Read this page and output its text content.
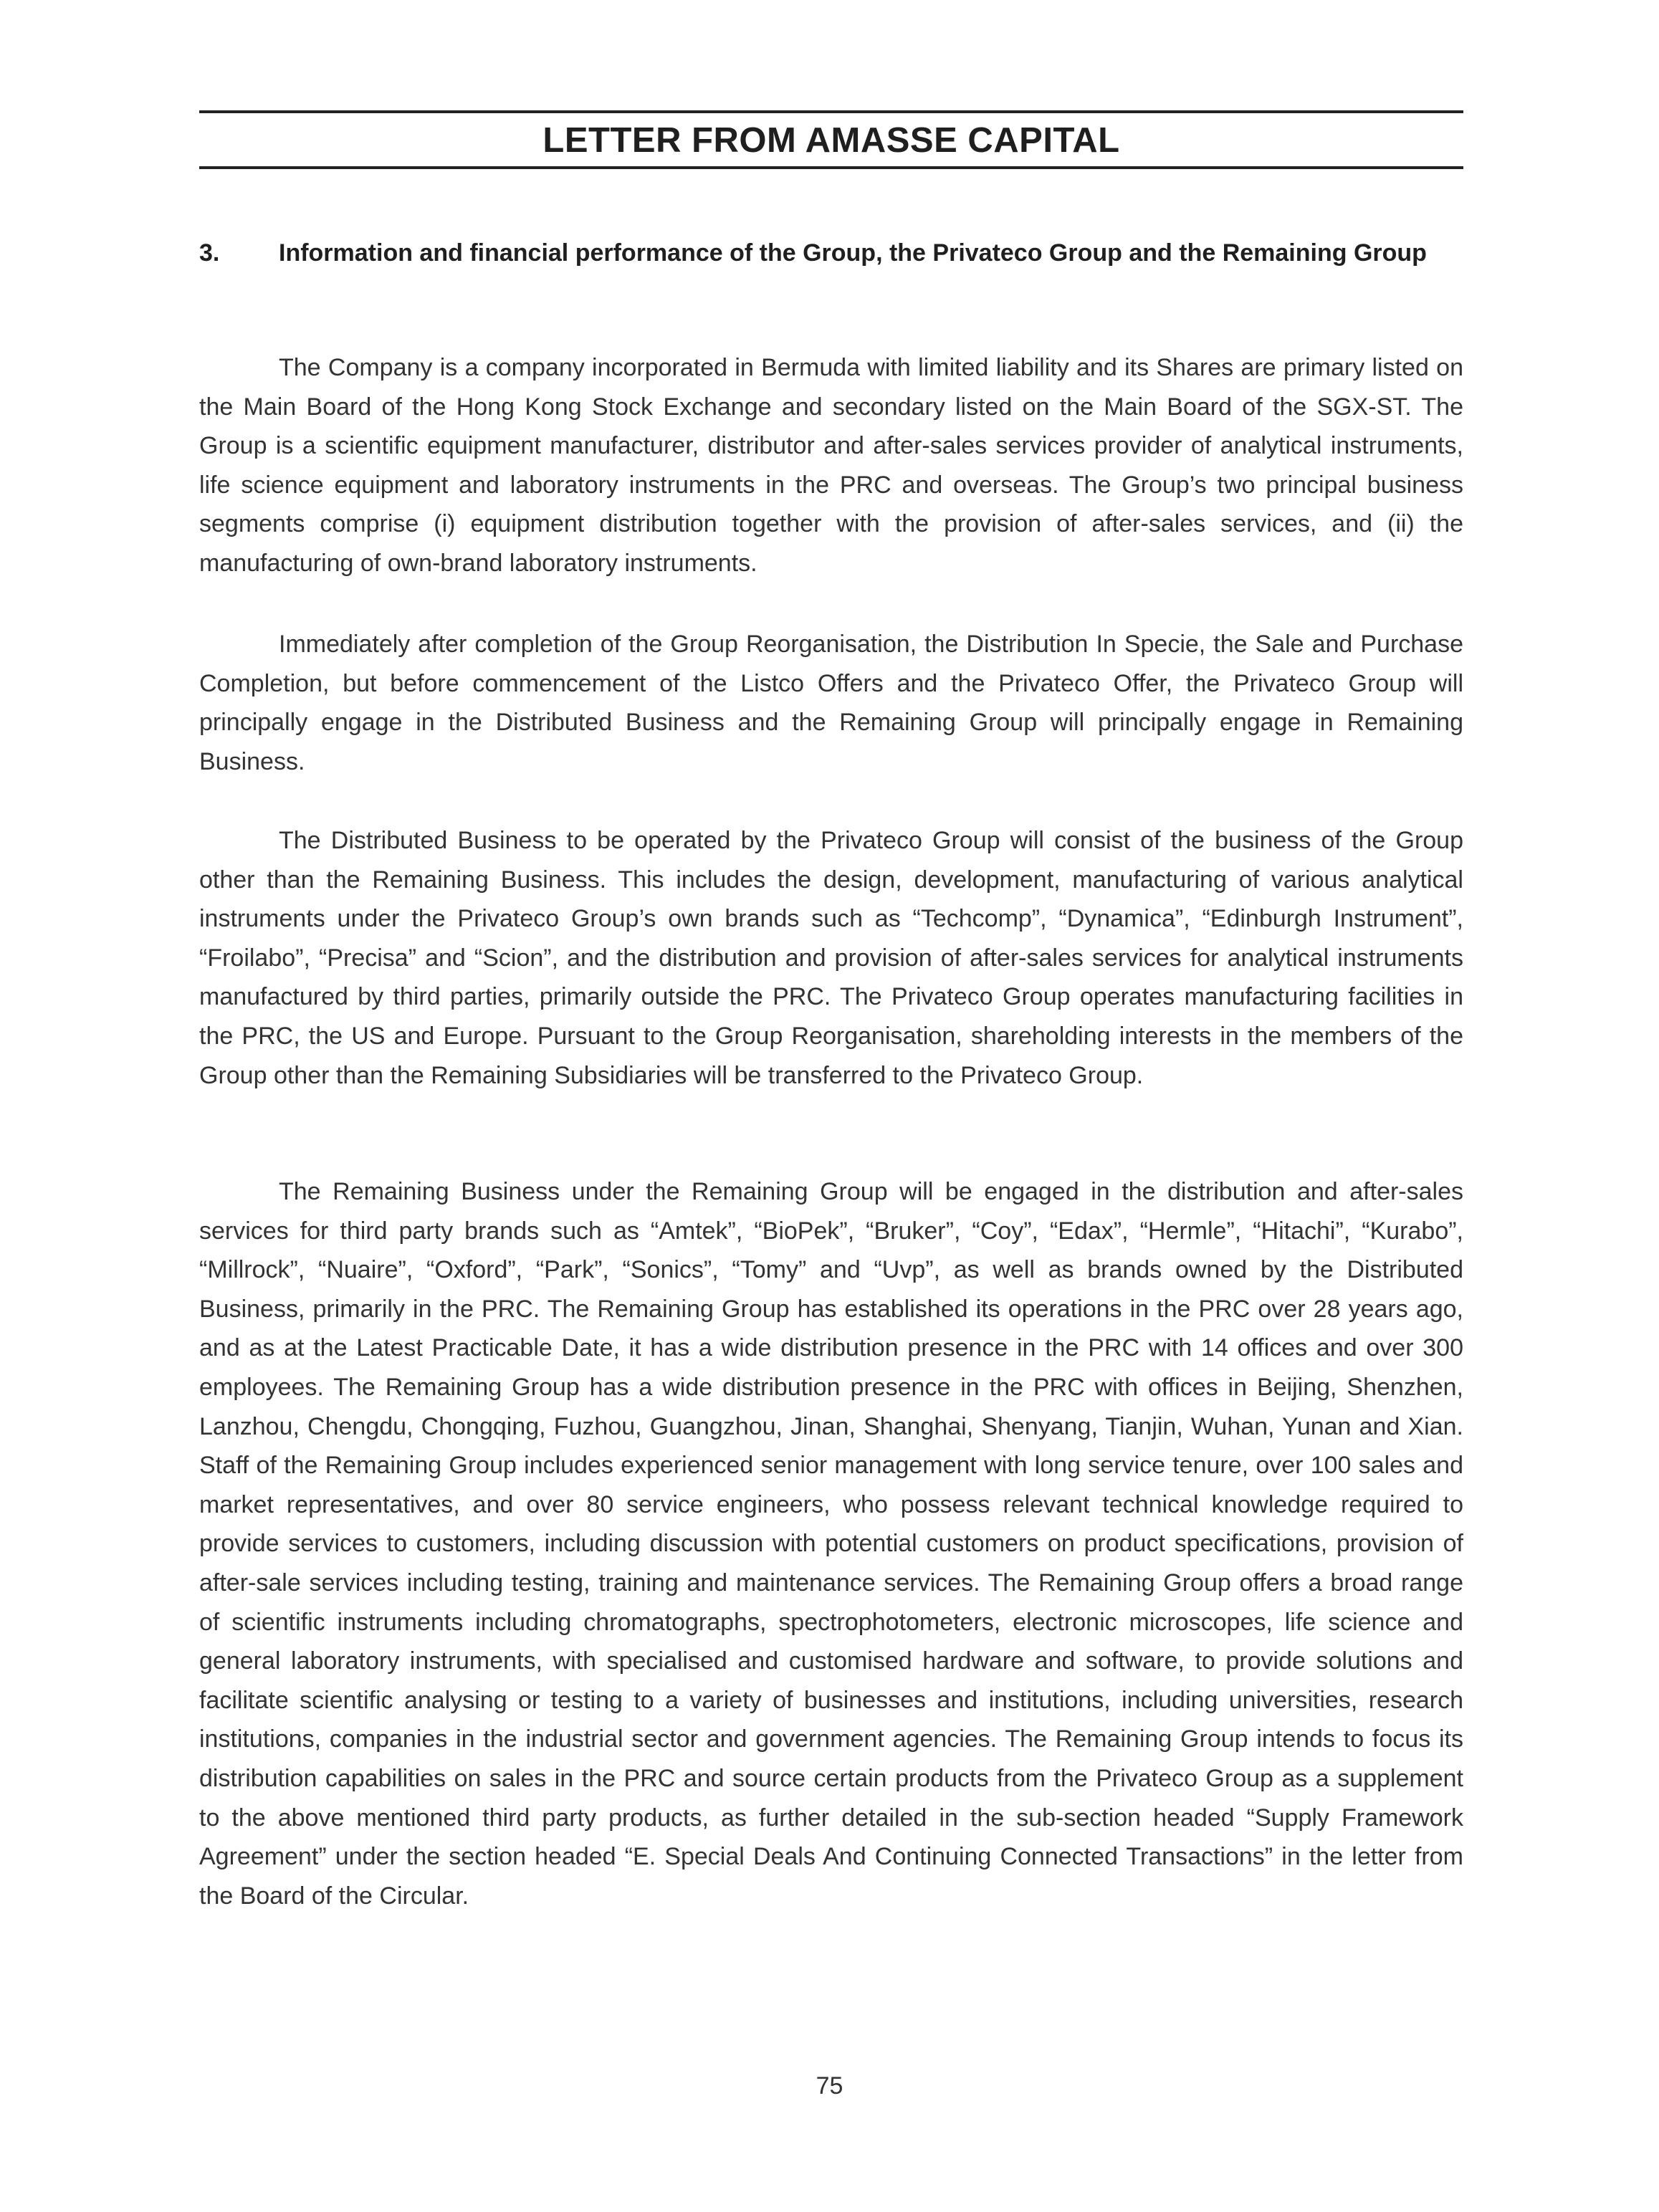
LETTER FROM AMASSE CAPITAL
3. Information and financial performance of the Group, the Privateco Group and the Remaining Group

The Company is a company incorporated in Bermuda with limited liability and its Shares are primary listed on the Main Board of the Hong Kong Stock Exchange and secondary listed on the Main Board of the SGX-ST. The Group is a scientific equipment manufacturer, distributor and after-sales services provider of analytical instruments, life science equipment and laboratory instruments in the PRC and overseas. The Group’s two principal business segments comprise (i) equipment distribution together with the provision of after-sales services, and (ii) the manufacturing of own-brand laboratory instruments.

Immediately after completion of the Group Reorganisation, the Distribution In Specie, the Sale and Purchase Completion, but before commencement of the Listco Offers and the Privateco Offer, the Privateco Group will principally engage in the Distributed Business and the Remaining Group will principally engage in Remaining Business.

The Distributed Business to be operated by the Privateco Group will consist of the business of the Group other than the Remaining Business. This includes the design, development, manufacturing of various analytical instruments under the Privateco Group’s own brands such as “Techcomp”, “Dynamica”, “Edinburgh Instrument”, “Froilabo”, “Precisa” and “Scion”, and the distribution and provision of after-sales services for analytical instruments manufactured by third parties, primarily outside the PRC. The Privateco Group operates manufacturing facilities in the PRC, the US and Europe. Pursuant to the Group Reorganisation, shareholding interests in the members of the Group other than the Remaining Subsidiaries will be transferred to the Privateco Group.

The Remaining Business under the Remaining Group will be engaged in the distribution and after-sales services for third party brands such as “Amtek”, “BioPek”, “Bruker”, “Coy”, “Edax”, “Hermle”, “Hitachi”, “Kurabo”, “Millrock”, “Nuaire”, “Oxford”, “Park”, “Sonics”, “Tomy” and “Uvp”, as well as brands owned by the Distributed Business, primarily in the PRC. The Remaining Group has established its operations in the PRC over 28 years ago, and as at the Latest Practicable Date, it has a wide distribution presence in the PRC with 14 offices and over 300 employees. The Remaining Group has a wide distribution presence in the PRC with offices in Beijing, Shenzhen, Lanzhou, Chengdu, Chongqing, Fuzhou, Guangzhou, Jinan, Shanghai, Shenyang, Tianjin, Wuhan, Yunan and Xian. Staff of the Remaining Group includes experienced senior management with long service tenure, over 100 sales and market representatives, and over 80 service engineers, who possess relevant technical knowledge required to provide services to customers, including discussion with potential customers on product specifications, provision of after-sale services including testing, training and maintenance services. The Remaining Group offers a broad range of scientific instruments including chromatographs, spectrophotometers, electronic microscopes, life science and general laboratory instruments, with specialised and customised hardware and software, to provide solutions and facilitate scientific analysing or testing to a variety of businesses and institutions, including universities, research institutions, companies in the industrial sector and government agencies. The Remaining Group intends to focus its distribution capabilities on sales in the PRC and source certain products from the Privateco Group as a supplement to the above mentioned third party products, as further detailed in the sub-section headed “Supply Framework Agreement” under the section headed “E. Special Deals And Continuing Connected Transactions” in the letter from the Board of the Circular.

75
